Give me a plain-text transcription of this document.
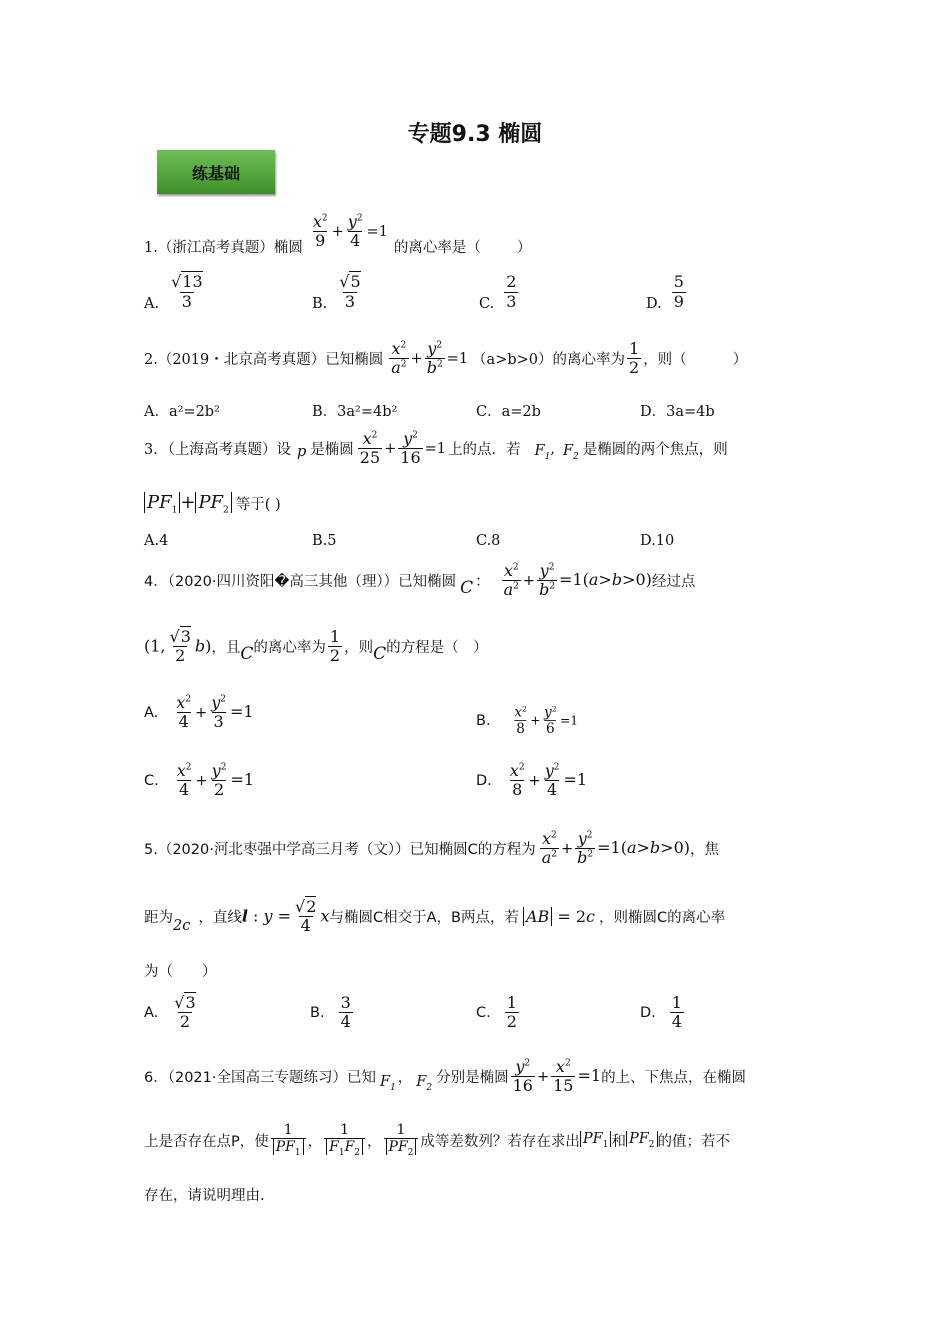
专题9.3 椭圆
练基础
1.（浙江高考真题）椭圆 $\frac{x^2}{9} + \frac{y^2}{4} =1$
的离心率是（ ）
A. $\frac{√13}{3}$	B. $\frac{√5}{3}$	C. $\frac{2}{3}$	D. $\frac{5}{9}$
2.（2019・北京高考真题）已知椭圆 $\frac{x^2}{a^2} + \frac{y^2}{b^2} =1$ （a>b>0）的离心率为 $\frac{1}{2}$ ，则（	）
A．a²=2b²	B．3a²=4b²	C．a=2b	D．3a=4b
3．（上海高考真题）设 p 是椭圆 $\frac{x^2}{25} + \frac{y^2}{16} =1$ 上的点．若 $F_1$
, $F_2$ 是椭圆的两个焦点，则
$PF_1 + PF_2$ 等于( )
A.4	B.5	C.8	D.10
4．（2020·四川资阳�高三其他（理））已知椭圆 C ： $\frac{x^2}{a^2} + \frac{y^2}{b^2} =1(a>b>0)$ 经过点
(1, $\frac{√3}{2} b$) ，且 C 的离心率为 $\frac{1}{2}$ ，则 C 的方程是（　）
A. $\frac{x^2}{4} + \frac{y^2}{3} =1$	B. $\frac{x^2}{8} + \frac{y^2}{6} =1$
C. $\frac{x^2}{4} + \frac{y^2}{2} =1$	D. $\frac{x^2}{8} + \frac{y^2}{4} =1$
5.（2020·河北枣强中学高三月考（文））已知椭圆C的方程为 $\frac{x^2}{a^2} + \frac{y^2}{b^2} =1(a>b>0)$ ，焦
距为 2c ，直线 l : $y = \frac{√2}{4}$ x 与椭圆C相交于A，B两点，若 AB = 2c ，则椭圆C的离心率
为（　　）
A. $\frac{√3}{2}$	B. $\frac{3}{4}$	C. $\frac{1}{2}$	D. $\frac{1}{4}$
6．（2021·全国高三专题练习）已知 $F_1$
， $F_2$
分别是椭圆 $\frac{y^2}{16} + \frac{x^2}{15} =1$ 的上、下焦点，在椭圆
上是否存在点P，使 $\frac{1}{PF_1}$ ， $\frac{1}{F_1F_2}$ ， $\frac{1}{PF_2}$ 成等差数列？若存在求出 $PF_1$ 和 $PF_2$ 的值；若不
存在，请说明理由.
